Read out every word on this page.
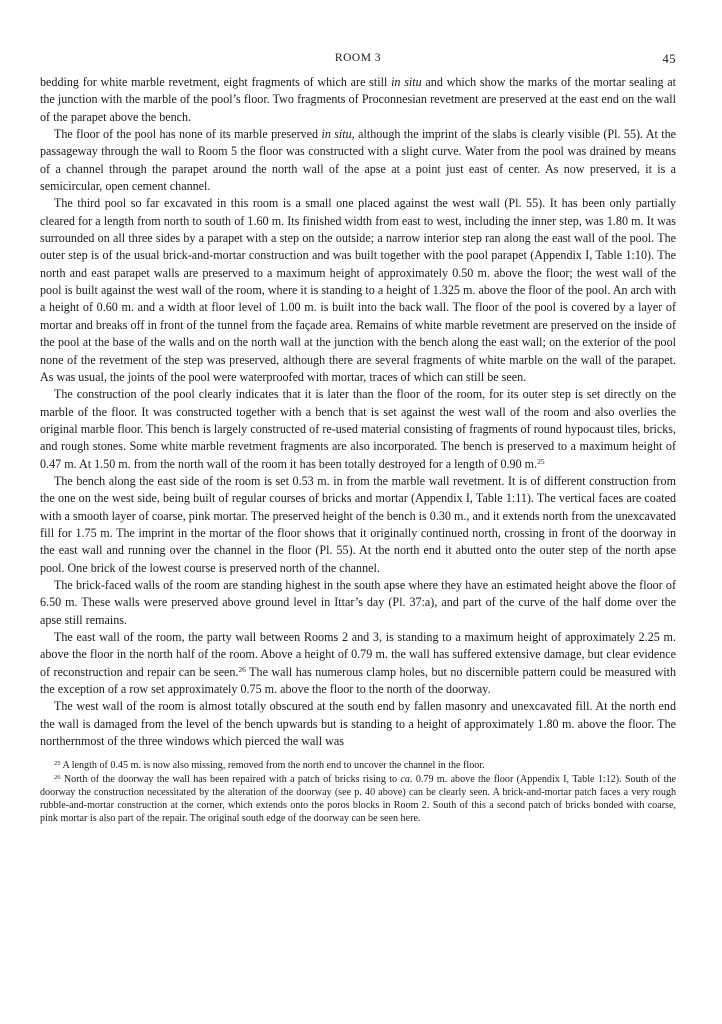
ROOM 3	45

bedding for white marble revetment, eight fragments of which are still in situ and which show the marks of the mortar sealing at the junction with the marble of the pool’s floor. Two fragments of Proconnesian revetment are preserved at the east end on the wall of the parapet above the bench.

The floor of the pool has none of its marble preserved in situ, although the imprint of the slabs is clearly visible (Pl. 55). At the passageway through the wall to Room 5 the floor was constructed with a slight curve. Water from the pool was drained by means of a channel through the parapet around the north wall of the apse at a point just east of center. As now preserved, it is a semicircular, open cement channel.

The third pool so far excavated in this room is a small one placed against the west wall (Pl. 55). It has been only partially cleared for a length from north to south of 1.60 m. Its finished width from east to west, including the inner step, was 1.80 m. It was surrounded on all three sides by a parapet with a step on the outside; a narrow interior step ran along the east wall of the pool. The outer step is of the usual brick-and-mortar construction and was built together with the pool parapet (Appendix I, Table 1:10). The north and east parapet walls are preserved to a maximum height of approximately 0.50 m. above the floor; the west wall of the pool is built against the west wall of the room, where it is standing to a height of 1.325 m. above the floor of the pool. An arch with a height of 0.60 m. and a width at floor level of 1.00 m. is built into the back wall. The floor of the pool is covered by a layer of mortar and breaks off in front of the tunnel from the façade area. Remains of white marble revetment are preserved on the inside of the pool at the base of the walls and on the north wall at the junction with the bench along the east wall; on the exterior of the pool none of the revetment of the step was preserved, although there are several fragments of white marble on the wall of the parapet. As was usual, the joints of the pool were waterproofed with mortar, traces of which can still be seen.

The construction of the pool clearly indicates that it is later than the floor of the room, for its outer step is set directly on the marble of the floor. It was constructed together with a bench that is set against the west wall of the room and also overlies the original marble floor. This bench is largely constructed of re-used material consisting of fragments of round hypocaust tiles, bricks, and rough stones. Some white marble revetment fragments are also incorporated. The bench is preserved to a maximum height of 0.47 m. At 1.50 m. from the north wall of the room it has been totally destroyed for a length of 0.90 m.$^{25}$

The bench along the east side of the room is set 0.53 m. in from the marble wall revetment. It is of different construction from the one on the west side, being built of regular courses of bricks and mortar (Appendix I, Table 1:11). The vertical faces are coated with a smooth layer of coarse, pink mortar. The preserved height of the bench is 0.30 m., and it extends north from the unexcavated fill for 1.75 m. The imprint in the mortar of the floor shows that it originally continued north, crossing in front of the doorway in the east wall and running over the channel in the floor (Pl. 55). At the north end it abutted onto the outer step of the north apse pool. One brick of the lowest course is preserved north of the channel.

The brick-faced walls of the room are standing highest in the south apse where they have an estimated height above the floor of 6.50 m. These walls were preserved above ground level in Ittar’s day (Pl. 37:a), and part of the curve of the half dome over the apse still remains.

The east wall of the room, the party wall between Rooms 2 and 3, is standing to a maximum height of approximately 2.25 m. above the floor in the north half of the room. Above a height of 0.79 m. the wall has suffered extensive damage, but clear evidence of reconstruction and repair can be seen.$^{26}$ The wall has numerous clamp holes, but no discernible pattern could be measured with the exception of a row set approximately 0.75 m. above the floor to the north of the doorway.

The west wall of the room is almost totally obscured at the south end by fallen masonry and unexcavated fill. At the north end the wall is damaged from the level of the bench upwards but is standing to a height of approximately 1.80 m. above the floor. The northernmost of the three windows which pierced the wall was

$^{25}$ A length of 0.45 m. is now also missing, removed from the north end to uncover the channel in the floor.

$^{26}$ North of the doorway the wall has been repaired with a patch of bricks rising to ca. 0.79 m. above the floor (Appendix I, Table 1:12). South of the doorway the construction necessitated by the alteration of the doorway (see p. 40 above) can be clearly seen. A brick-and-mortar patch faces a very rough rubble-and-mortar construction at the corner, which extends onto the poros blocks in Room 2. South of this a second patch of bricks bonded with coarse, pink mortar is also part of the repair. The original south edge of the doorway can be seen here.
